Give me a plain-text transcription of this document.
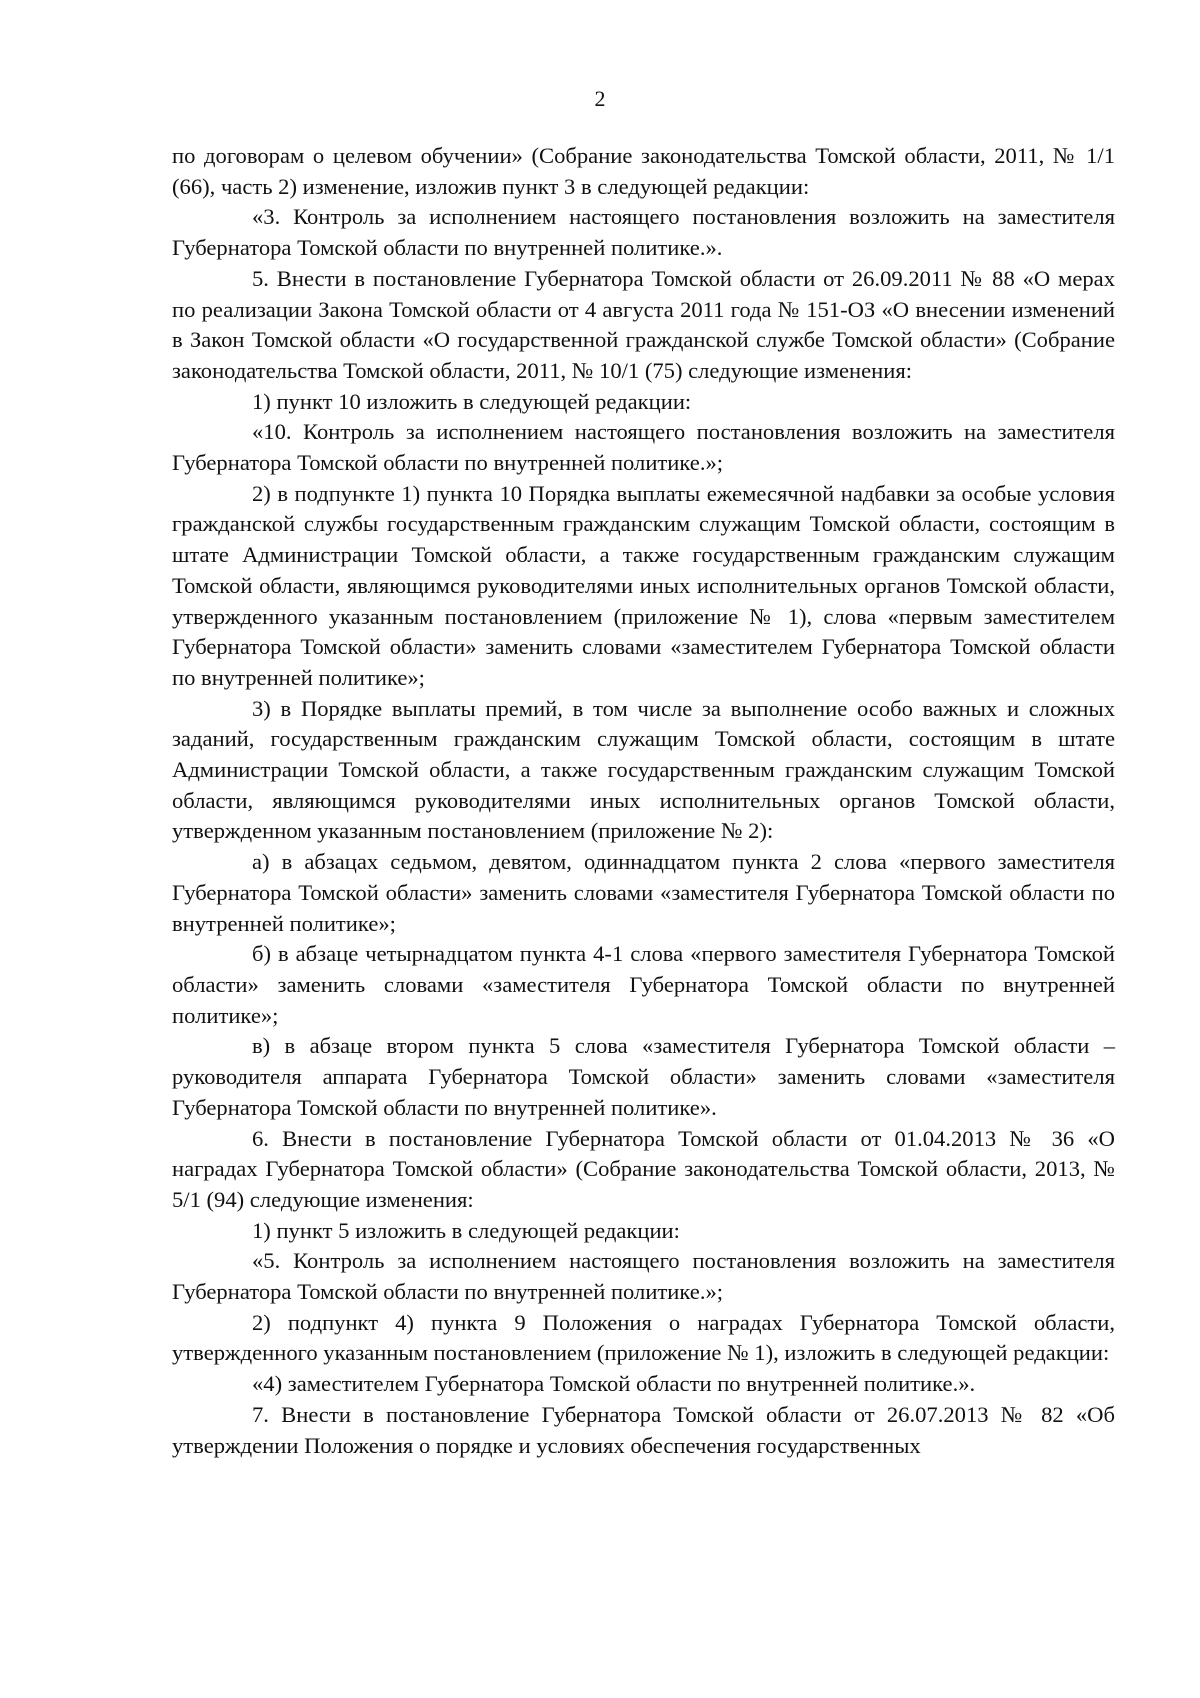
2

по договорам о целевом обучении» (Собрание законодательства Томской области, 2011, № 1/1 (66), часть 2) изменение, изложив пункт 3 в следующей редакции:

«3. Контроль за исполнением настоящего постановления возложить на заместителя Губернатора Томской области по внутренней политике.».

5. Внести в постановление Губернатора Томской области от 26.09.2011 № 88 «О мерах по реализации Закона Томской области от 4 августа 2011 года № 151-ОЗ «О внесении изменений в Закон Томской области «О государственной гражданской службе Томской области» (Собрание законодательства Томской области, 2011, № 10/1 (75) следующие изменения:

1) пункт 10 изложить в следующей редакции:

«10. Контроль за исполнением настоящего постановления возложить на заместителя Губернатора Томской области по внутренней политике.»;

2) в подпункте 1) пункта 10 Порядка выплаты ежемесячной надбавки за особые условия гражданской службы государственным гражданским служащим Томской области, состоящим в штате Администрации Томской области, а также государственным гражданским служащим Томской области, являющимся руководителями иных исполнительных органов Томской области, утвержденного указанным постановлением (приложение № 1), слова «первым заместителем Губернатора Томской области» заменить словами «заместителем Губернатора Томской области по внутренней политике»;

3) в Порядке выплаты премий, в том числе за выполнение особо важных и сложных заданий, государственным гражданским служащим Томской области, состоящим в штате Администрации Томской области, а также государственным гражданским служащим Томской области, являющимся руководителями иных исполнительных органов Томской области, утвержденном указанным постановлением (приложение № 2):

а) в абзацах седьмом, девятом, одиннадцатом пункта 2 слова «первого заместителя Губернатора Томской области» заменить словами «заместителя Губернатора Томской области по внутренней политике»;

б) в абзаце четырнадцатом пункта 4-1 слова «первого заместителя Губернатора Томской области» заменить словами «заместителя Губернатора Томской области по внутренней политике»;

в) в абзаце втором пункта 5 слова «заместителя Губернатора Томской области – руководителя аппарата Губернатора Томской области» заменить словами «заместителя Губернатора Томской области по внутренней политике».

6. Внести в постановление Губернатора Томской области от 01.04.2013 № 36 «О наградах Губернатора Томской области» (Собрание законодательства Томской области, 2013, № 5/1 (94) следующие изменения:

1) пункт 5 изложить в следующей редакции:

«5. Контроль за исполнением настоящего постановления возложить на заместителя Губернатора Томской области по внутренней политике.»;

2) подпункт 4) пункта 9 Положения о наградах Губернатора Томской области, утвержденного указанным постановлением (приложение № 1), изложить в следующей редакции:

«4) заместителем Губернатора Томской области по внутренней политике.».

7. Внести в постановление Губернатора Томской области от 26.07.2013 № 82 «Об утверждении Положения о порядке и условиях обеспечения государственных
